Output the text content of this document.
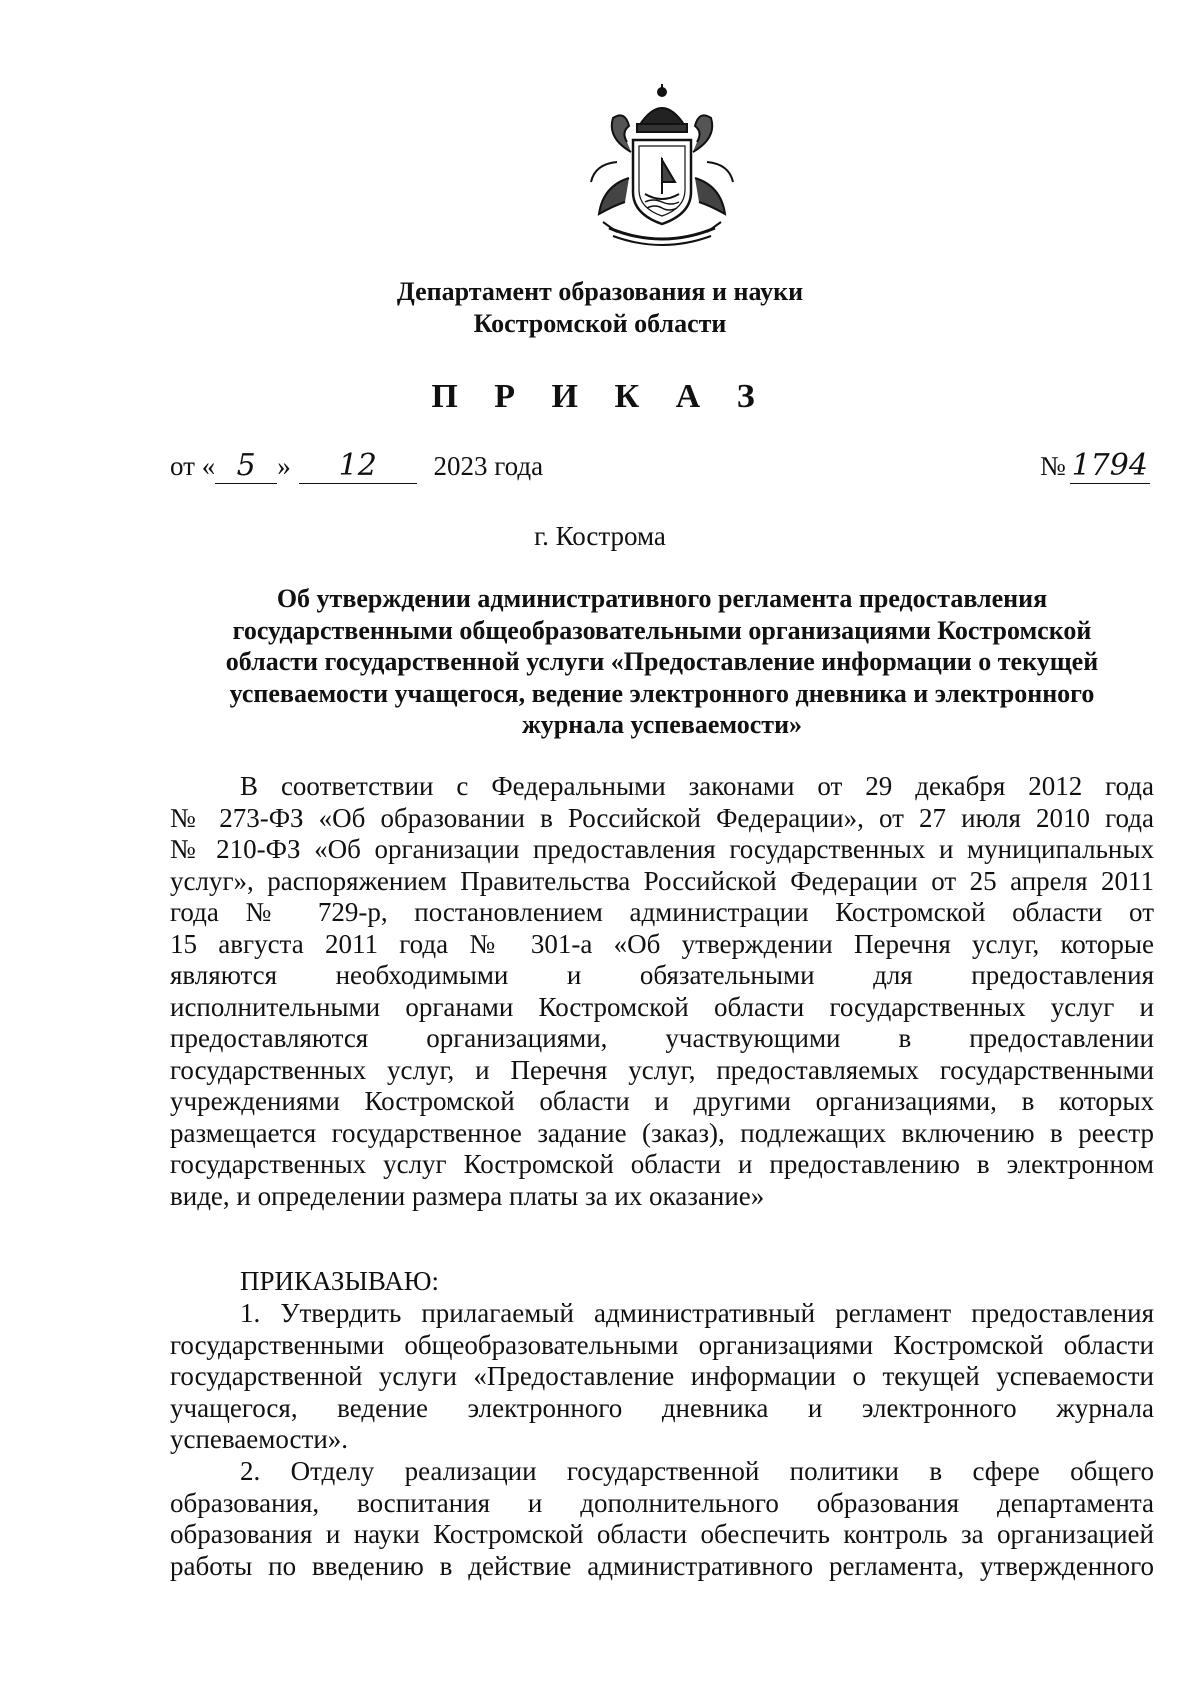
Департамент образования и науки
Костромской области
П Р И К А З
от « 5 » 12 2023 года	№ 1794
г. Кострома
Об утверждении административного регламента предоставления
государственными общеобразовательными организациями Костромской
области государственной услуги «Предоставление информации о текущей
успеваемости учащегося, ведение электронного дневника и электронного
журнала успеваемости»
В соответствии с Федеральными законами от 29 декабря 2012 года
№ 273-ФЗ «Об образовании в Российской Федерации», от 27 июля 2010 года
№ 210-ФЗ «Об организации предоставления государственных и муниципальных
услуг», распоряжением Правительства Российской Федерации от 25 апреля 2011
года № 729-р, постановлением администрации Костромской области от
15 августа 2011 года № 301-а «Об утверждении Перечня услуг, которые
являются необходимыми и обязательными для предоставления
исполнительными органами Костромской области государственных услуг и
предоставляются организациями, участвующими в предоставлении
государственных услуг, и Перечня услуг, предоставляемых государственными
учреждениями Костромской области и другими организациями, в которых
размещается государственное задание (заказ), подлежащих включению в реестр
государственных услуг Костромской области и предоставлению в электронном
виде, и определении размера платы за их оказание»
ПРИКАЗЫВАЮ:
1. Утвердить прилагаемый административный регламент предоставления
государственными общеобразовательными организациями Костромской области
государственной услуги «Предоставление информации о текущей успеваемости
учащегося, ведение электронного дневника и электронного журнала
успеваемости».
2. Отделу реализации государственной политики в сфере общего
образования, воспитания и дополнительного образования департамента
образования и науки Костромской области обеспечить контроль за организацией
работы по введению в действие административного регламента, утвержденного
